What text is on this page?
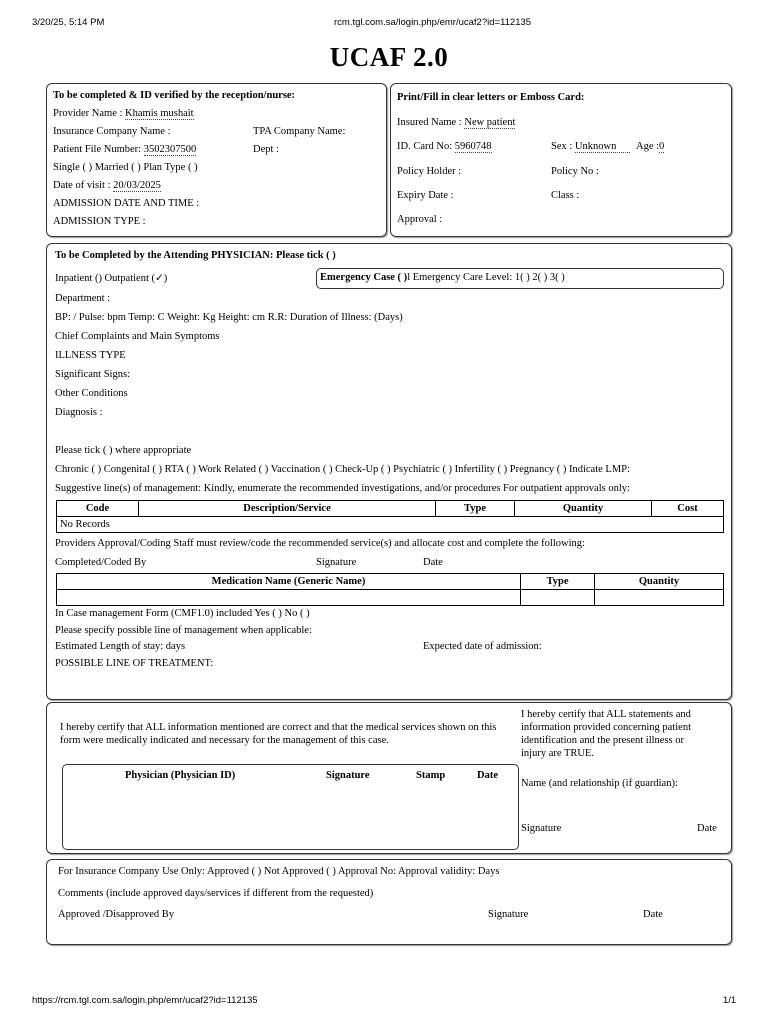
3/20/25, 5:14 PM	rcm.tgl.com.sa/login.php/emr/ucaf2?id=112135
https://rcm.tgl.com.sa/login.php/emr/ucaf2?id=112135	1/1
UCAF 2.0
To be completed & ID verified by the reception/nurse:
Provider Name : Khamis mushait
Insurance Company Name :	TPA Company Name:
Patient File Number: 3502307500	Dept :
Single ( ) Married ( ) Plan Type ( )
Date of visit : 20/03/2025
ADMISSION DATE AND TIME :
ADMISSION TYPE :
Print/Fill in clear letters or Emboss Card:
Insured Name : New patient
ID. Card No: 5960748	Sex : Unknown	Age :0
Policy Holder :	Policy No :
Expiry Date :	Class :
Approval :
To be Completed by the Attending PHYSICIAN: Please tick ( )
Inpatient () Outpatient (✓)	Emergency Case ( )l Emergency Care Level: 1( ) 2( ) 3( )
Department :
BP: / Pulse: bpm Temp: C Weight: Kg Height: cm R.R: Duration of Illness: (Days)
Chief Complaints and Main Symptoms
ILLNESS TYPE
Significant Signs:
Other Conditions
Diagnosis :
Please tick ( ) where appropriate
Chronic ( ) Congenital ( ) RTA ( ) Work Related ( ) Vaccination ( ) Check-Up ( ) Psychiatric ( ) Infertility ( ) Pregnancy ( ) Indicate LMP:
Suggestive line(s) of management: Kindly, enumerate the recommended investigations, and/or procedures For outpatient approvals only:
Code	Description/Service	Type	Quantity	Cost
No Records
Providers Approval/Coding Staff must review/code the recommended service(s) and allocate cost and complete the following:
Completed/Coded By	Signature	Date
Medication Name (Generic Name)	Type	Quantity

In Case management Form (CMF1.0) included Yes ( ) No ( )
Please specify possible line of management when applicable:
Estimated Length of stay: days	Expected date of admission:
POSSIBLE LINE OF TREATMENT:
I hereby certify that ALL information mentioned are correct and that the medical services shown on this
form were medically indicated and necessary for the management of this case.
Physician (Physician ID)	Signature	Stamp	Date
I hereby certify that ALL statements and
information provided concerning patient
identification and the present illness or
injury are TRUE.
Name (and relationship (if guardian):
Signature	Date
For Insurance Company Use Only: Approved ( ) Not Approved ( ) Approval No: Approval validity: Days
Comments (include approved days/services if different from the requested)
Approved /Disapproved By	Signature	Date
